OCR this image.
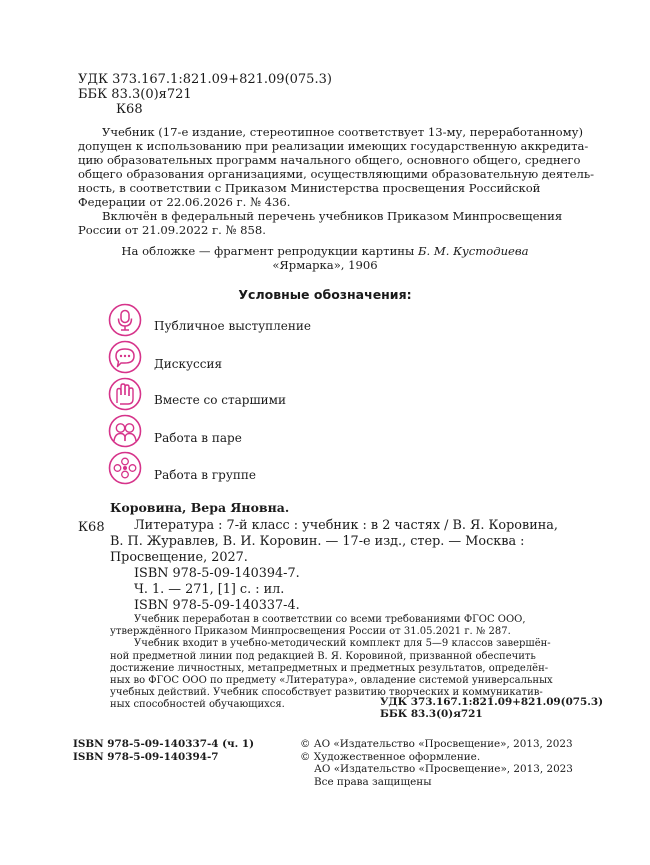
УДК 373.167.1:821.09+821.09(075.3)
ББК 83.3(0)я721
К68
Учебник (17-е издание, стереотипное соответствует 13-му, переработанному)
допущен к использованию при реализации имеющих государственную аккредита-
цию образовательных программ начального общего, основного общего, среднего
общего образования организациями, осуществляющими образовательную деятель-
ность, в соответствии с Приказом Министерства просвещения Российской
Федерации от 22.06.2026 г. № 436.
Включён в федеральный перечень учебников Приказом Минпросвещения
России от 21.09.2022 г. № 858.
На обложке — фрагмент репродукции картины Б. М. Кустодиева
«Ярмарка», 1906
Условные обозначения:
Публичное выступление
Дискуссия
Вместе со старшими
Работа в паре
Работа в группе
Коровина, Вера Яновна.
К68	Литература : 7-й класс : учебник : в 2 частях / В. Я. Коровина,
В. П. Журавлев, В. И. Коровин. — 17-е изд., стер. — Москва :
Просвещение, 2027.
ISBN 978-5-09-140394-7.
Ч. 1. — 271, [1] с. : ил.
ISBN 978-5-09-140337-4.
Учебник переработан в соответствии со всеми требованиями ФГОС ООО,
утверждённого Приказом Минпросвещения России от 31.05.2021 г. № 287.
Учебник входит в учебно-методический комплект для 5—9 классов завершён-
ной предметной линии под редакцией В. Я. Коровиной, призванной обеспечить
достижение личностных, метапредметных и предметных результатов, определён-
ных во ФГОС ООО по предмету «Литература», овладение системой универсальных
учебных действий. Учебник способствует развитию творческих и коммуникатив-
ных способностей обучающихся.	УДК 373.167.1:821.09+821.09(075.3)
ББК 83.3(0)я721
ISBN 978-5-09-140337-4 (ч. 1)
ISBN 978-5-09-140394-7
© АО «Издательство «Просвещение», 2013, 2023
© Художественное оформление.
АО «Издательство «Просвещение», 2013, 2023
Все права защищены
